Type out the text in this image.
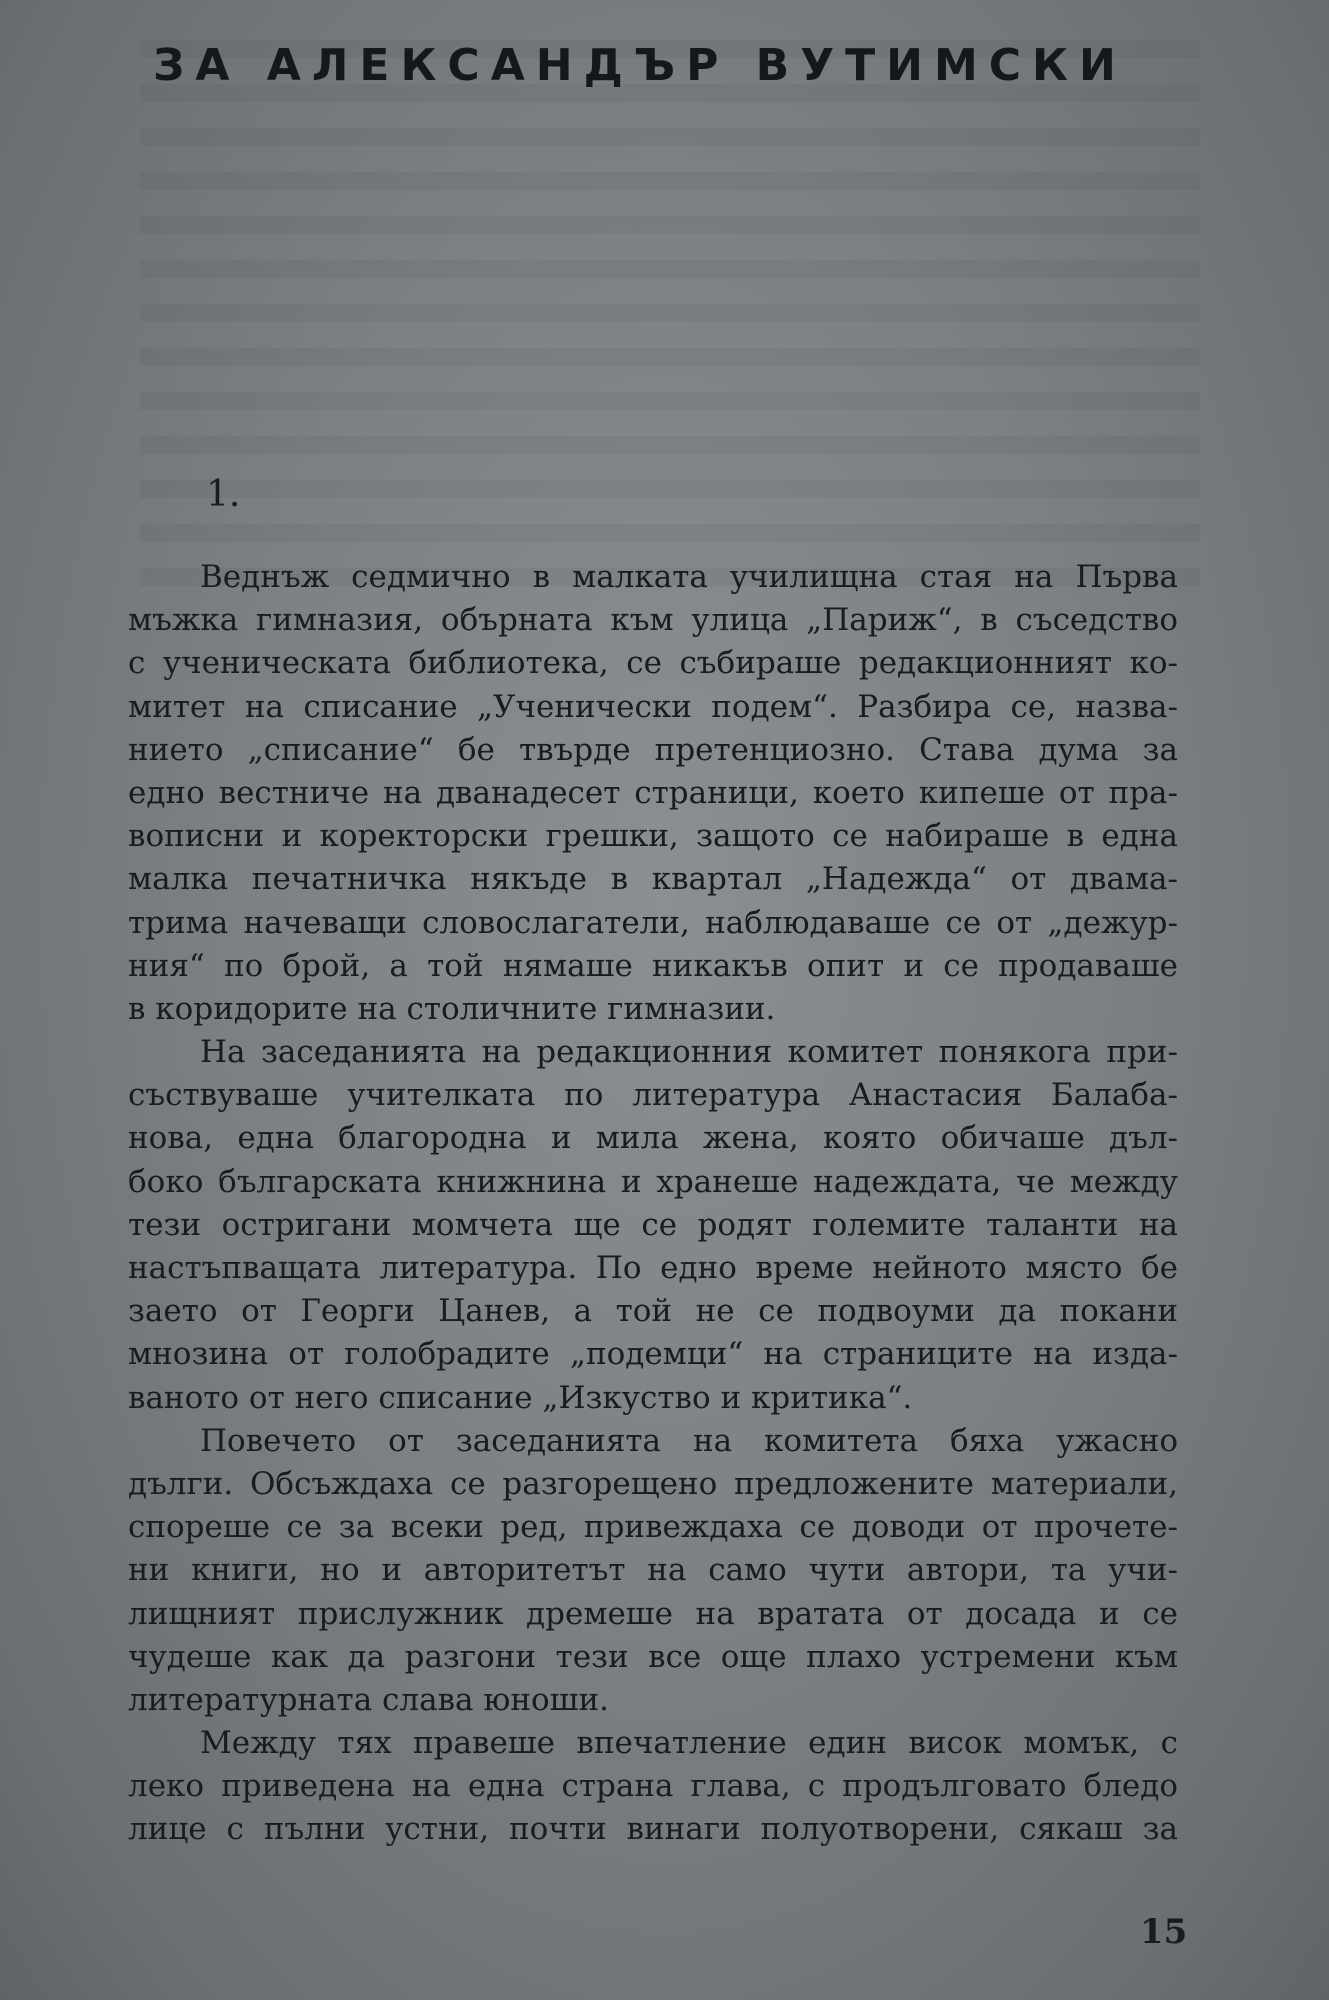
ЗА АЛЕКСАНДЪР ВУТИМСКИ
1.
Веднъж седмично в малката училищна стая на Първа
мъжка гимназия, обърната към улица „Париж“, в съседство
с ученическата библиотека, се събираше редакционният ко-
митет на списание „Ученически подем“. Разбира се, назва-
нието „списание“ бе твърде претенциозно. Става дума за
едно вестниче на дванадесет страници, което кипеше от пра-
вописни и коректорски грешки, защото се набираше в една
малка печатничка някъде в квартал „Надежда“ от двама-
трима начеващи словослагатели, наблюдаваше се от „дежур-
ния“ по брой, а той нямаше никакъв опит и се продаваше
в коридорите на столичните гимназии.
На заседанията на редакционния комитет понякога при-
съствуваше учителката по литература Анастасия Балаба-
нова, една благородна и мила жена, която обичаше дъл-
боко българската книжнина и хранеше надеждата, че между
тези остригани момчета ще се родят големите таланти на
настъпващата литература. По едно време нейното място бе
заето от Георги Цанев, а той не се подвоуми да покани
мнозина от голобрадите „подемци“ на страниците на изда-
ваното от него списание „Изкуство и критика“.
Повечето от заседанията на комитета бяха ужасно
дълги. Обсъждаха се разгорещено предложените материали,
спореше се за всеки ред, привеждаха се доводи от прочете-
ни книги, но и авторитетът на само чути автори, та учи-
лищният прислужник дремеше на вратата от досада и се
чудеше как да разгони тези все още плахо устремени към
литературната слава юноши.
Между тях правеше впечатление един висок момък, с
леко приведена на една страна глава, с продълговато бледо
лице с пълни устни, почти винаги полуотворени, сякаш за
15
